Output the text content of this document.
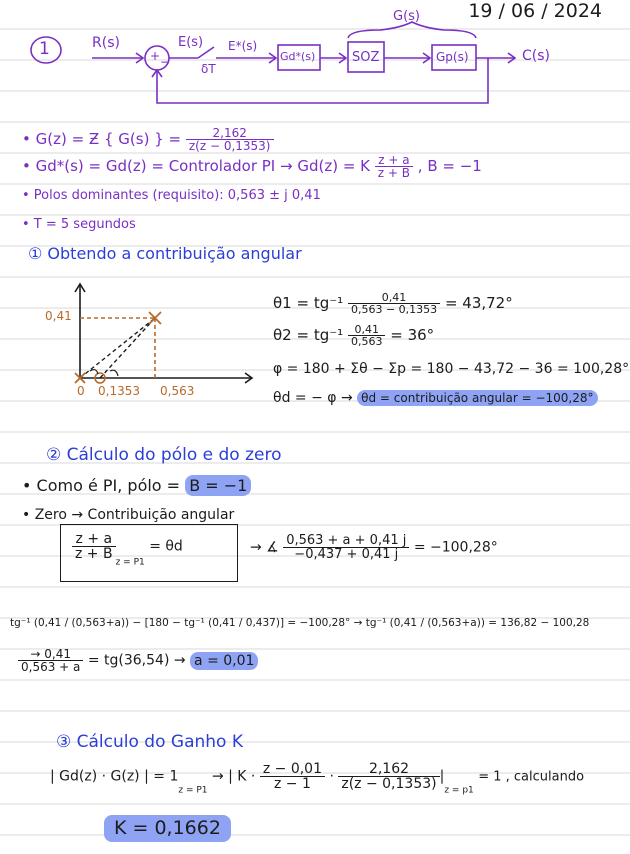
19 / 06 / 2024
1	R(s)
+ −
E(s)
δT
E*(s)
Gd*(s)	SOZ	Gp(s)	C(s)
G(s)
• G(z) = Ƶ { G(s) } = $\frac{2,162}{z(z - 0,1353)}$
• Gd*(s) = Gd(z) = Controlador PI → Gd(z) = K $\frac{z + a}{z + B}$ , B = −1
• Polos dominantes (requisito): 0,563 ± j 0,41
• T = 5 segundos
① Obtendo a contribuição angular
0,41
0 0,1353 0,563
$\theta 1 = tg^{-1} \frac{0,41}{0,563 - 0,1353} = 43,72^\circ$
$\theta 2 = tg^{-1} \frac{0,41}{0,563} = 36^\circ$
φ = 180 + Σθ − Σp = 180 − 43,72 − 36 = 100,28°
θd = − φ → θd = contribuição angular = −100,28°
② Cálculo do pólo e do zero
• Como é PI, pólo = B = −1
• Zero → Contribuição angular
$\frac{z + a}{z + B}$
$_{z = P1}$ = θd	→ ∡ $\frac{0,563 + a + 0,41 j}{-0,437 + 0,41 j} = -100,28^\circ$
tg⁻¹ (0,41 / (0,563+a)) − [180 − tg⁻¹ (0,41 / 0,437)] = −100,28° → tg⁻¹ (0,41 / (0,563+a)) = 136,82 − 100,28
$\frac{\to 0,41}{0,563 + a} = tg(36,54) \to a = 0,01$
③ Cálculo do Ganho K
| Gd(z) · G(z) | = $1_{z = P1}$ → | $K \cdot \frac{z - 0,01}{z - 1} \cdot \frac{2,162}{z(z - 0,1353)} |_{z = p1} = 1$ , calculando
K = 0,1662
